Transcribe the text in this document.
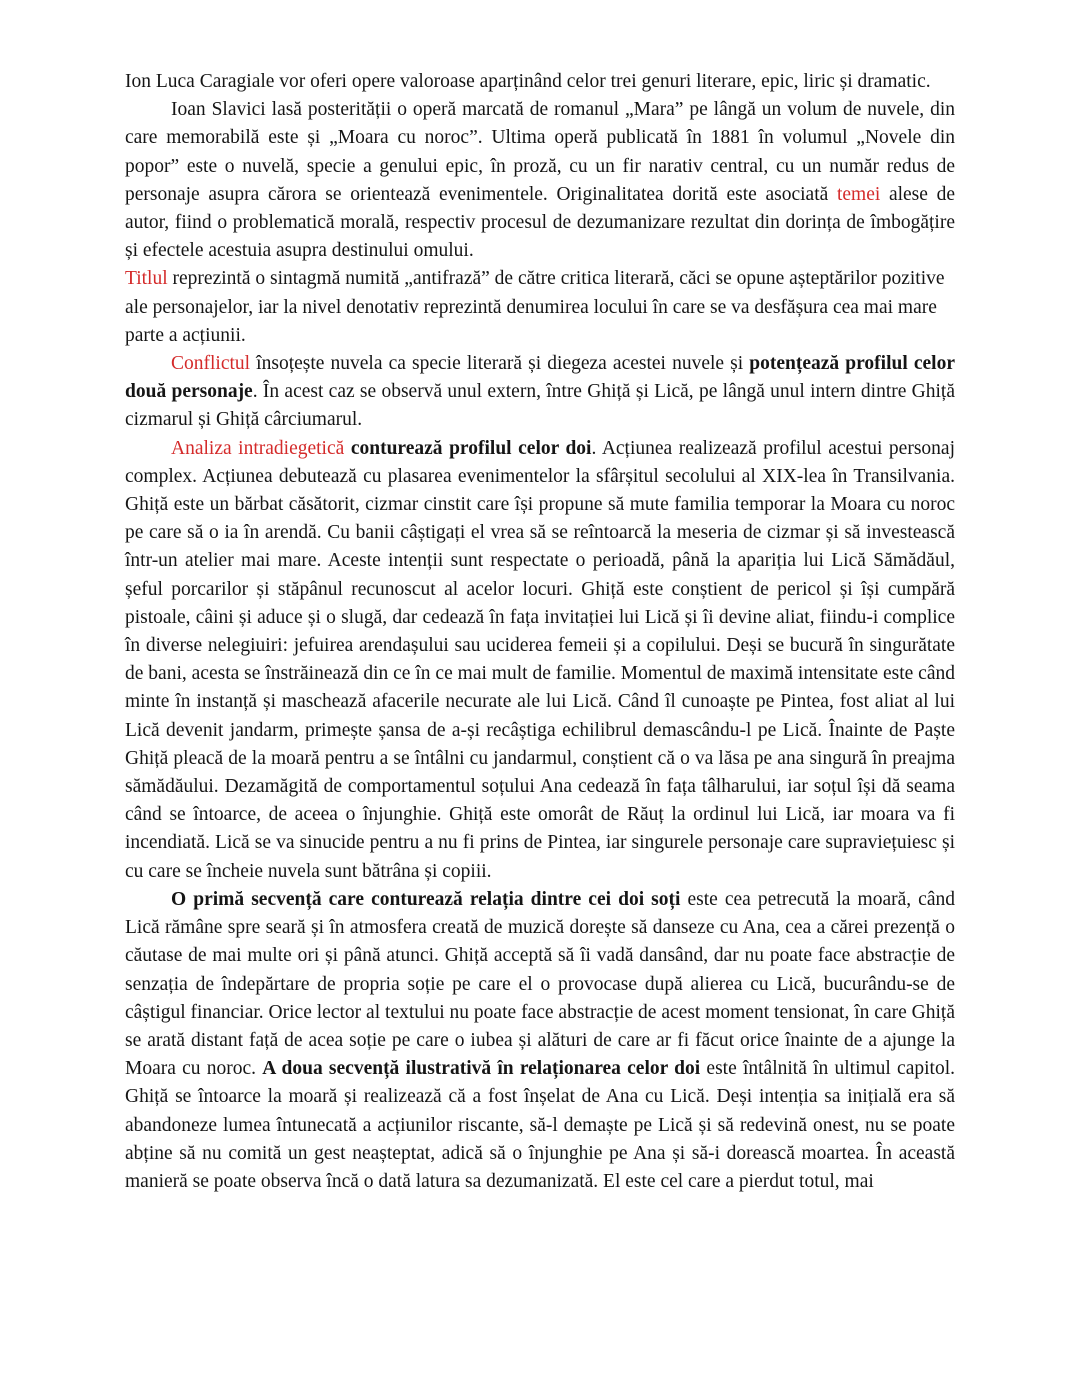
Ion Luca Caragiale vor oferi opere valoroase aparținând celor trei genuri literare, epic, liric și dramatic.

Ioan Slavici lasă posterității o operă marcată de romanul „Mara” pe lângă un volum de nuvele, din care memorabilă este și „Moara cu noroc”. Ultima operă publicată în 1881 în volumul „Novele din popor” este o nuvelă, specie a genului epic, în proză, cu un fir narativ central, cu un număr redus de personaje asupra cărora se orientează evenimentele. Originalitatea dorită este asociată temei alese de autor, fiind o problematică morală, respectiv procesul de dezumanizare rezultat din dorința de îmbogățire și efectele acestuia asupra destinului omului.

Titlul reprezintă o sintagmă numită „antifrază” de către critica literară, căci se opune așteptărilor pozitive ale personajelor, iar la nivel denotativ reprezintă denumirea locului în care se va desfășura cea mai mare parte a acțiunii.

Conflictul însoțește nuvela ca specie literară și diegeza acestei nuvele și potențează profilul celor două personaje. În acest caz se observă unul extern, între Ghiță și Lică, pe lângă unul intern dintre Ghiță cizmarul și Ghiță cârciumarul.

Analiza intradiegetică conturează profilul celor doi. Acțiunea realizează profilul acestui personaj complex. Acțiunea debutează cu plasarea evenimentelor la sfârșitul secolului al XIX-lea în Transilvania. Ghiță este un bărbat căsătorit, cizmar cinstit care își propune să mute familia temporar la Moara cu noroc pe care să o ia în arendă. Cu banii câștigați el vrea să se reîntoarcă la meseria de cizmar și să investească într-un atelier mai mare. Aceste intenții sunt respectate o perioadă, până la apariția lui Lică Sămădăul, șeful porcarilor și stăpânul recunoscut al acelor locuri. Ghiță este conștient de pericol și își cumpără pistoale, câini și aduce și o slugă, dar cedează în fața invitației lui Lică și îi devine aliat, fiindu-i complice în diverse nelegiuiri: jefuirea arendașului sau uciderea femeii și a copilului. Deși se bucură în singurătate de bani, acesta se înstrăinează din ce în ce mai mult de familie. Momentul de maximă intensitate este când minte în instanță și maschează afacerile necurate ale lui Lică. Când îl cunoaște pe Pintea, fost aliat al lui Lică devenit jandarm, primește șansa de a-și recâștiga echilibrul demascându-l pe Lică. Înainte de Paște Ghiță pleacă de la moară pentru a se întâlni cu jandarmul, conștient că o va lăsa pe ana singură în preajma sămădăului. Dezamăgită de comportamentul soțului Ana cedează în fața tâlharului, iar soțul își dă seama când se întoarce, de aceea o înjunghie. Ghiță este omorât de Răuț la ordinul lui Lică, iar moara va fi incendiată. Lică se va sinucide pentru a nu fi prins de Pintea, iar singurele personaje care supraviețuiesc și cu care se încheie nuvela sunt bătrâna și copiii.

O primă secvență care conturează relația dintre cei doi soți este cea petrecută la moară, când Lică rămâne spre seară și în atmosfera creată de muzică dorește să danseze cu Ana, cea a cărei prezență o căutase de mai multe ori și până atunci. Ghiță acceptă să îi vadă dansând, dar nu poate face abstracție de senzația de îndepărtare de propria soție pe care el o provocase după alierea cu Lică, bucurându-se de câștigul financiar. Orice lector al textului nu poate face abstracție de acest moment tensionat, în care Ghiță se arată distant față de acea soție pe care o iubea și alături de care ar fi făcut orice înainte de a ajunge la Moara cu noroc. A doua secvență ilustrativă în relaționarea celor doi este întâlnită în ultimul capitol. Ghiță se întoarce la moară și realizează că a fost înșelat de Ana cu Lică. Deși intenția sa inițială era să abandoneze lumea întunecată a acțiunilor riscante, să-l demaște pe Lică și să redevină onest, nu se poate abține să nu comită un gest neașteptat, adică să o înjunghie pe Ana și să-i dorească moartea. În această manieră se poate observa încă o dată latura sa dezumanizată. El este cel care a pierdut totul, mai
